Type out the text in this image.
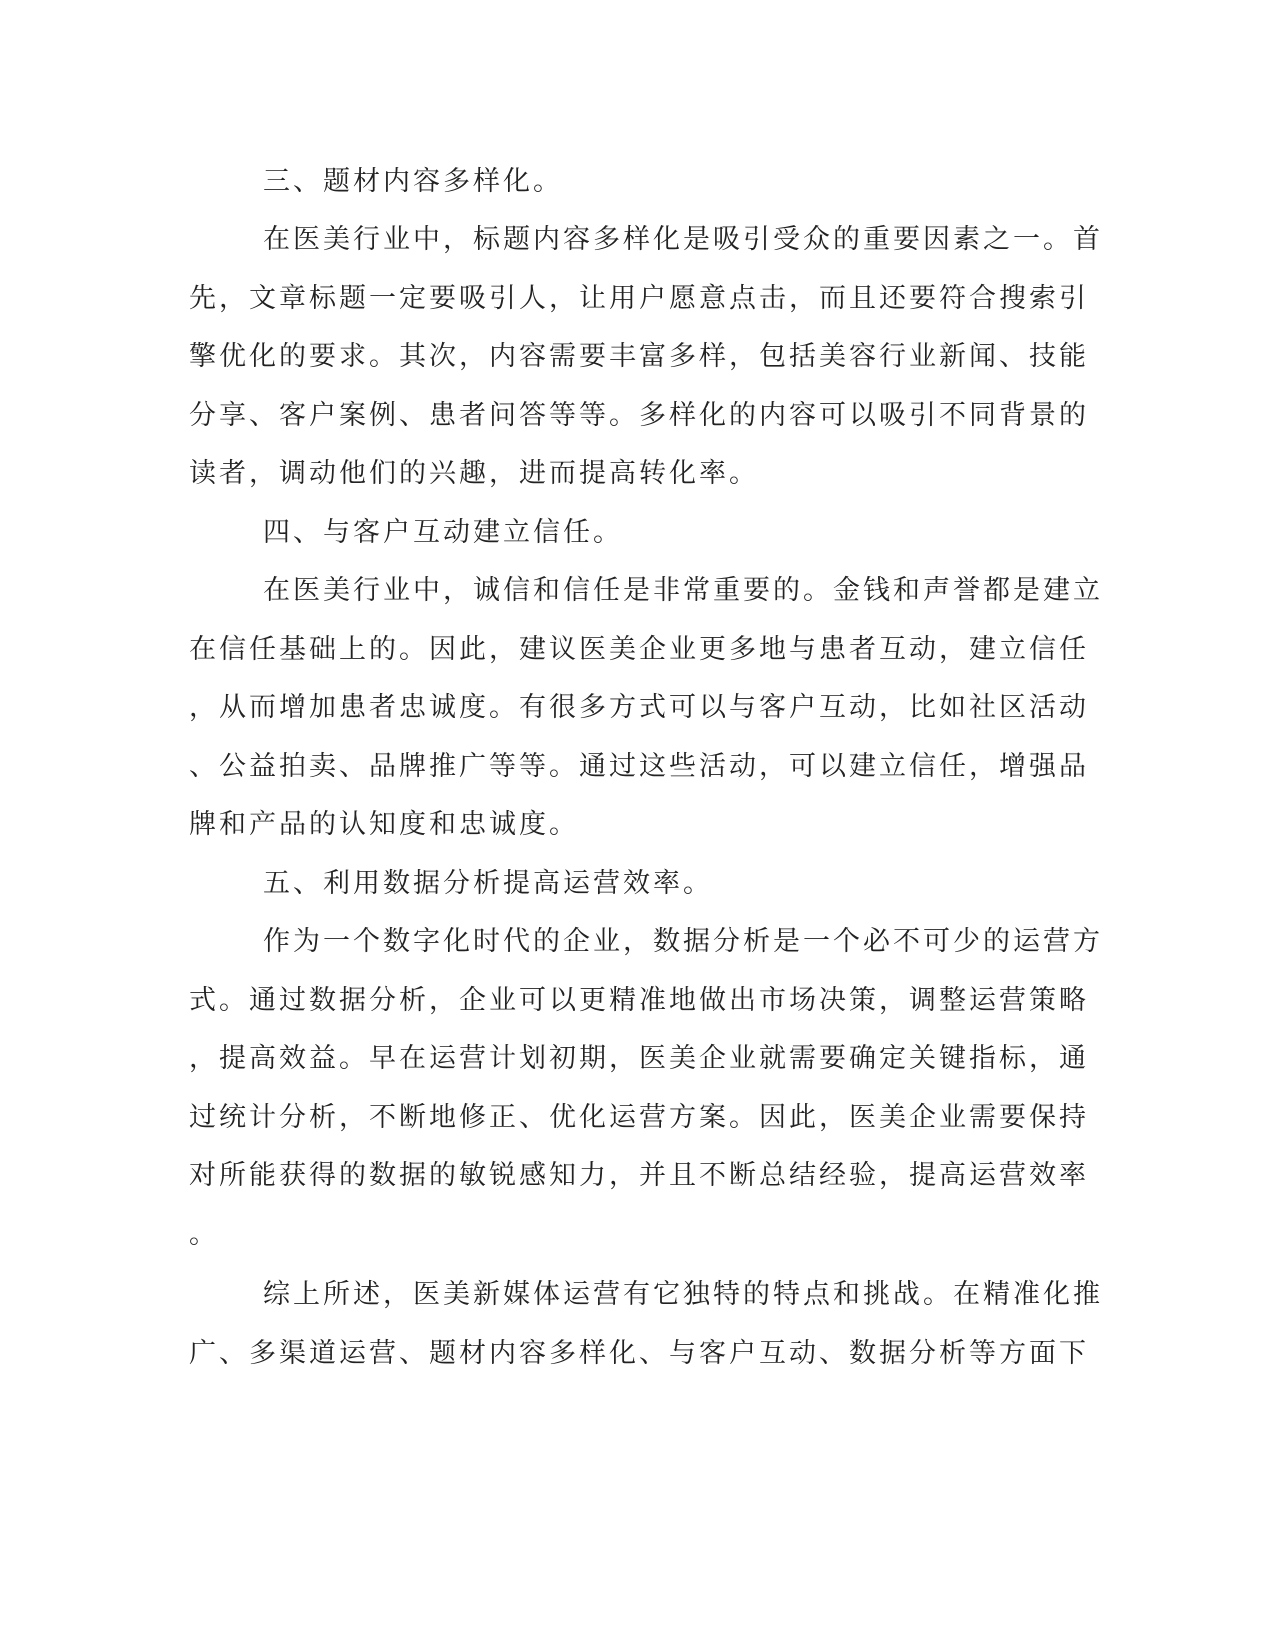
三、题材内容多样化。
在医美行业中，标题内容多样化是吸引受众的重要因素之一。首
先，文章标题一定要吸引人，让用户愿意点击，而且还要符合搜索引
擎优化的要求。其次，内容需要丰富多样，包括美容行业新闻、技能
分享、客户案例、患者问答等等。多样化的内容可以吸引不同背景的
读者，调动他们的兴趣，进而提高转化率。
四、与客户互动建立信任。
在医美行业中，诚信和信任是非常重要的。金钱和声誉都是建立
在信任基础上的。因此，建议医美企业更多地与患者互动，建立信任
，从而增加患者忠诚度。有很多方式可以与客户互动，比如社区活动
、公益拍卖、品牌推广等等。通过这些活动，可以建立信任，增强品
牌和产品的认知度和忠诚度。
五、利用数据分析提高运营效率。
作为一个数字化时代的企业，数据分析是一个必不可少的运营方
式。通过数据分析，企业可以更精准地做出市场决策，调整运营策略
，提高效益。早在运营计划初期，医美企业就需要确定关键指标，通
过统计分析，不断地修正、优化运营方案。因此，医美企业需要保持
对所能获得的数据的敏锐感知力，并且不断总结经验，提高运营效率
。
综上所述，医美新媒体运营有它独特的特点和挑战。在精准化推
广、多渠道运营、题材内容多样化、与客户互动、数据分析等方面下
